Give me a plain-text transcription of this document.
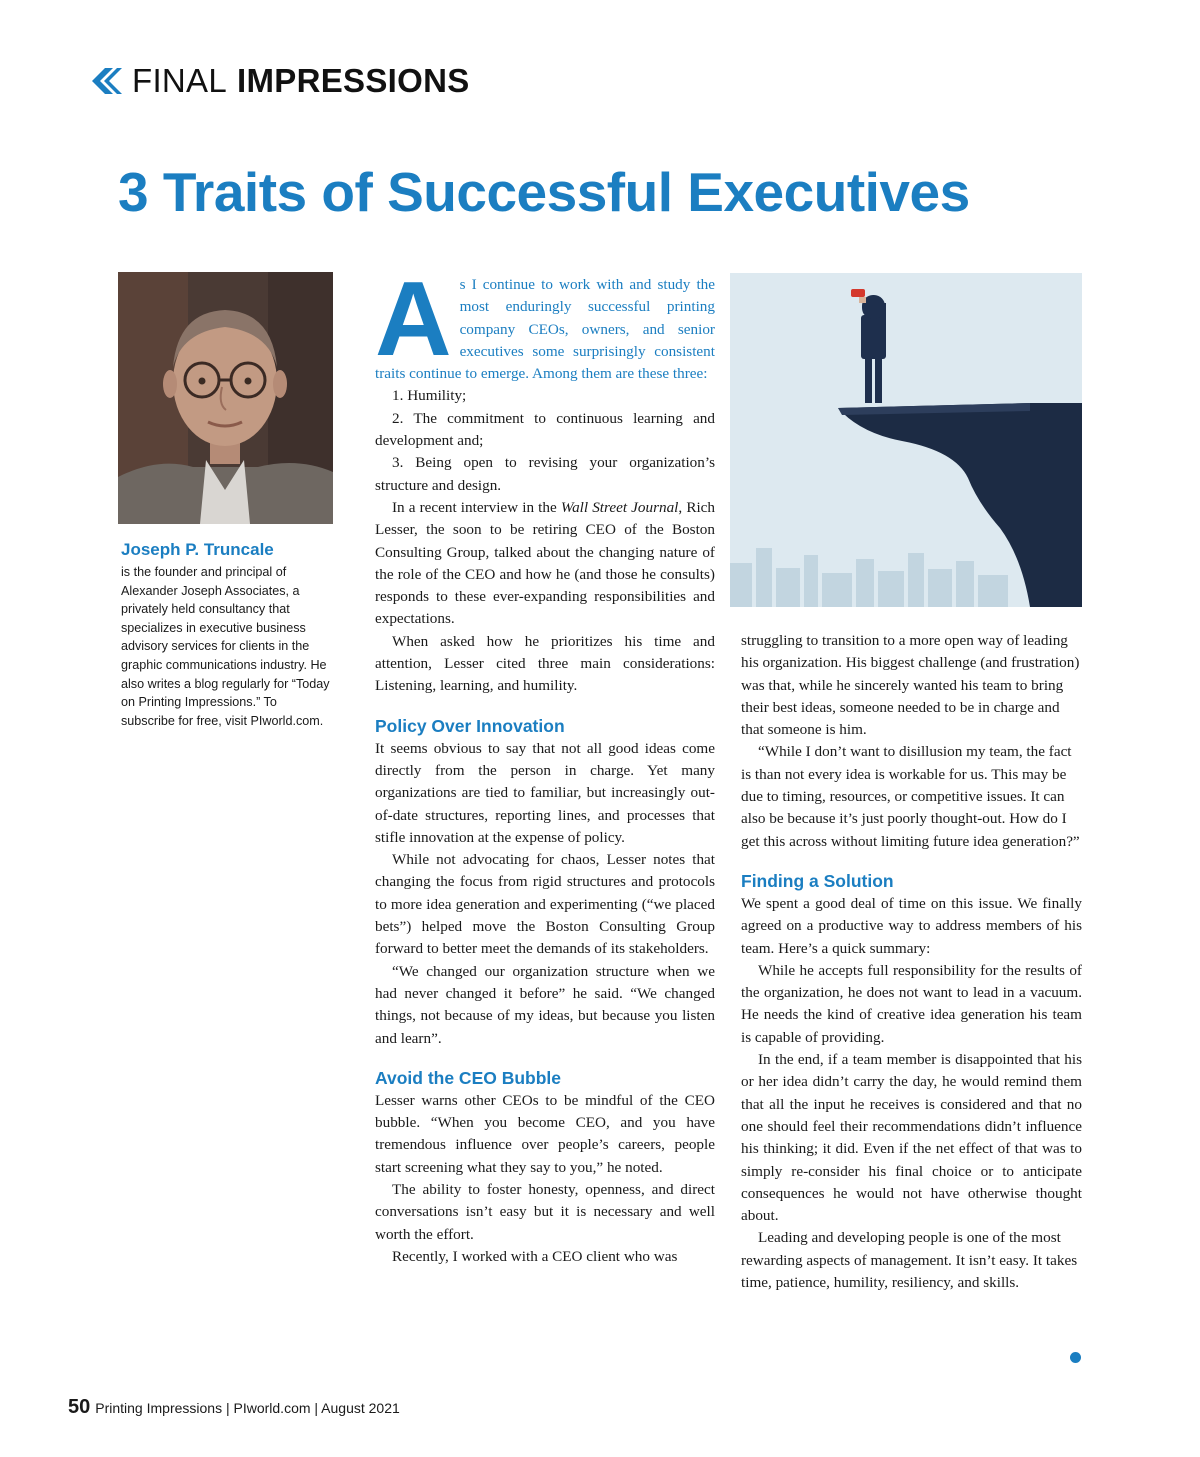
FINAL IMPRESSIONS
3 Traits of Successful Executives

Joseph P. Truncale

is the founder and principal of Alexander Joseph Associates, a privately held consultancy that specializes in executive business advisory services for clients in the graphic communications industry. He also writes a blog regularly for “Today on Printing Impressions.” To subscribe for free, visit PIworld.com.

A s I continue to work with and study the most enduringly successful printing company CEOs, owners, and senior executives some surprisingly consistent traits continue to emerge. Among them are these three:

1. Humility;

2. The commitment to continuous learning and development and;

3. Being open to revising your organization’s structure and design.

In a recent interview in the Wall Street Journal, Rich Lesser, the soon to be retiring CEO of the Boston Consulting Group, talked about the changing nature of the role of the CEO and how he (and those he consults) responds to these ever-expanding responsibilities and expectations.

When asked how he prioritizes his time and attention, Lesser cited three main considerations: Listening, learning, and humility.

Policy Over Innovation

It seems obvious to say that not all good ideas come directly from the person in charge. Yet many organizations are tied to familiar, but increasingly out-of-date structures, reporting lines, and processes that stifle innovation at the expense of policy.

While not advocating for chaos, Lesser notes that changing the focus from rigid structures and protocols to more idea generation and experimenting (“we placed bets”) helped move the Boston Consulting Group forward to better meet the demands of its stakeholders.

“We changed our organization structure when we had never changed it before” he said. “We changed things, not because of my ideas, but because you listen and learn”.

Avoid the CEO Bubble

Lesser warns other CEOs to be mindful of the CEO bubble. “When you become CEO, and you have tremendous influence over people’s careers, people start screening what they say to you,” he noted.

The ability to foster honesty, openness, and direct conversations isn’t easy but it is necessary and well worth the effort.

Recently, I worked with a CEO client who was

struggling to transition to a more open way of leading his organization. His biggest challenge (and frustration) was that, while he sincerely wanted his team to bring their best ideas, someone needed to be in charge and that someone is him.

“While I don’t want to disillusion my team, the fact is than not every idea is workable for us. This may be due to timing, resources, or competitive issues. It can also be because it’s just poorly thought-out. How do I get this across without limiting future idea generation?”

Finding a Solution

We spent a good deal of time on this issue. We finally agreed on a productive way to address members of his team. Here’s a quick summary:

While he accepts full responsibility for the results of the organization, he does not want to lead in a vacuum. He needs the kind of creative idea generation his team is capable of providing.

In the end, if a team member is disappointed that his or her idea didn’t carry the day, he would remind them that all the input he receives is considered and that no one should feel their recommendations didn’t influence his thinking; it did. Even if the net effect of that was to simply re-consider his final choice or to anticipate consequences he would not have otherwise thought about.

Leading and developing people is one of the most rewarding aspects of management. It isn’t easy. It takes time, patience, humility, resiliency, and skills.

50 Printing Impressions | PIworld.com | August 2021
